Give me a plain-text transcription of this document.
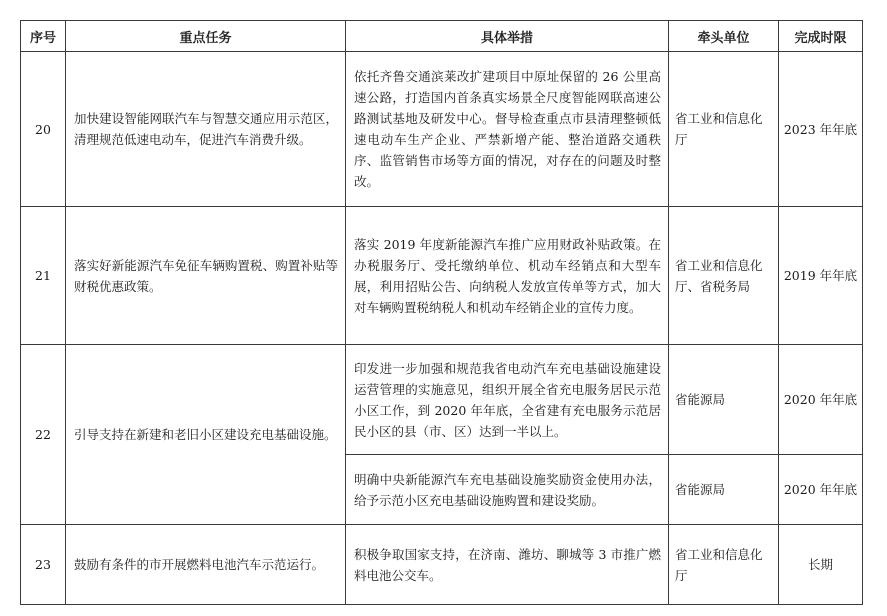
序号	重点任务	具体举措	牵头单位	完成时限
20	加快建设智能网联汽车与智慧交通应用示范区，清理规范低速电动车，促进汽车消费升级。	依托齐鲁交通滨莱改扩建项目中原址保留的 26 公里高速公路，打造国内首条真实场景全尺度智能网联高速公路测试基地及研发中心。督导检查重点市县清理整顿低速电动车生产企业、严禁新增产能、整治道路交通秩序、监管销售市场等方面的情况，对存在的问题及时整改。	省工业和信息化厅	2023 年年底
21	落实好新能源汽车免征车辆购置税、购置补贴等财税优惠政策。	落实 2019 年度新能源汽车推广应用财政补贴政策。在办税服务厅、受托缴纳单位、机动车经销点和大型车展，利用招贴公告、向纳税人发放宣传单等方式，加大对车辆购置税纳税人和机动车经销企业的宣传力度。	省工业和信息化厅、省税务局	2019 年年底
22	引导支持在新建和老旧小区建设充电基础设施。	印发进一步加强和规范我省电动汽车充电基础设施建设运营管理的实施意见，组织开展全省充电服务居民示范小区工作，到 2020 年年底，全省建有充电服务示范居民小区的县（市、区）达到一半以上。	省能源局	2020 年年底
		明确中央新能源汽车充电基础设施奖励资金使用办法，给予示范小区充电基础设施购置和建设奖励。	省能源局	2020 年年底
23	鼓励有条件的市开展燃料电池汽车示范运行。	积极争取国家支持，在济南、潍坊、聊城等 3 市推广燃料电池公交车。	省工业和信息化厅	长期
